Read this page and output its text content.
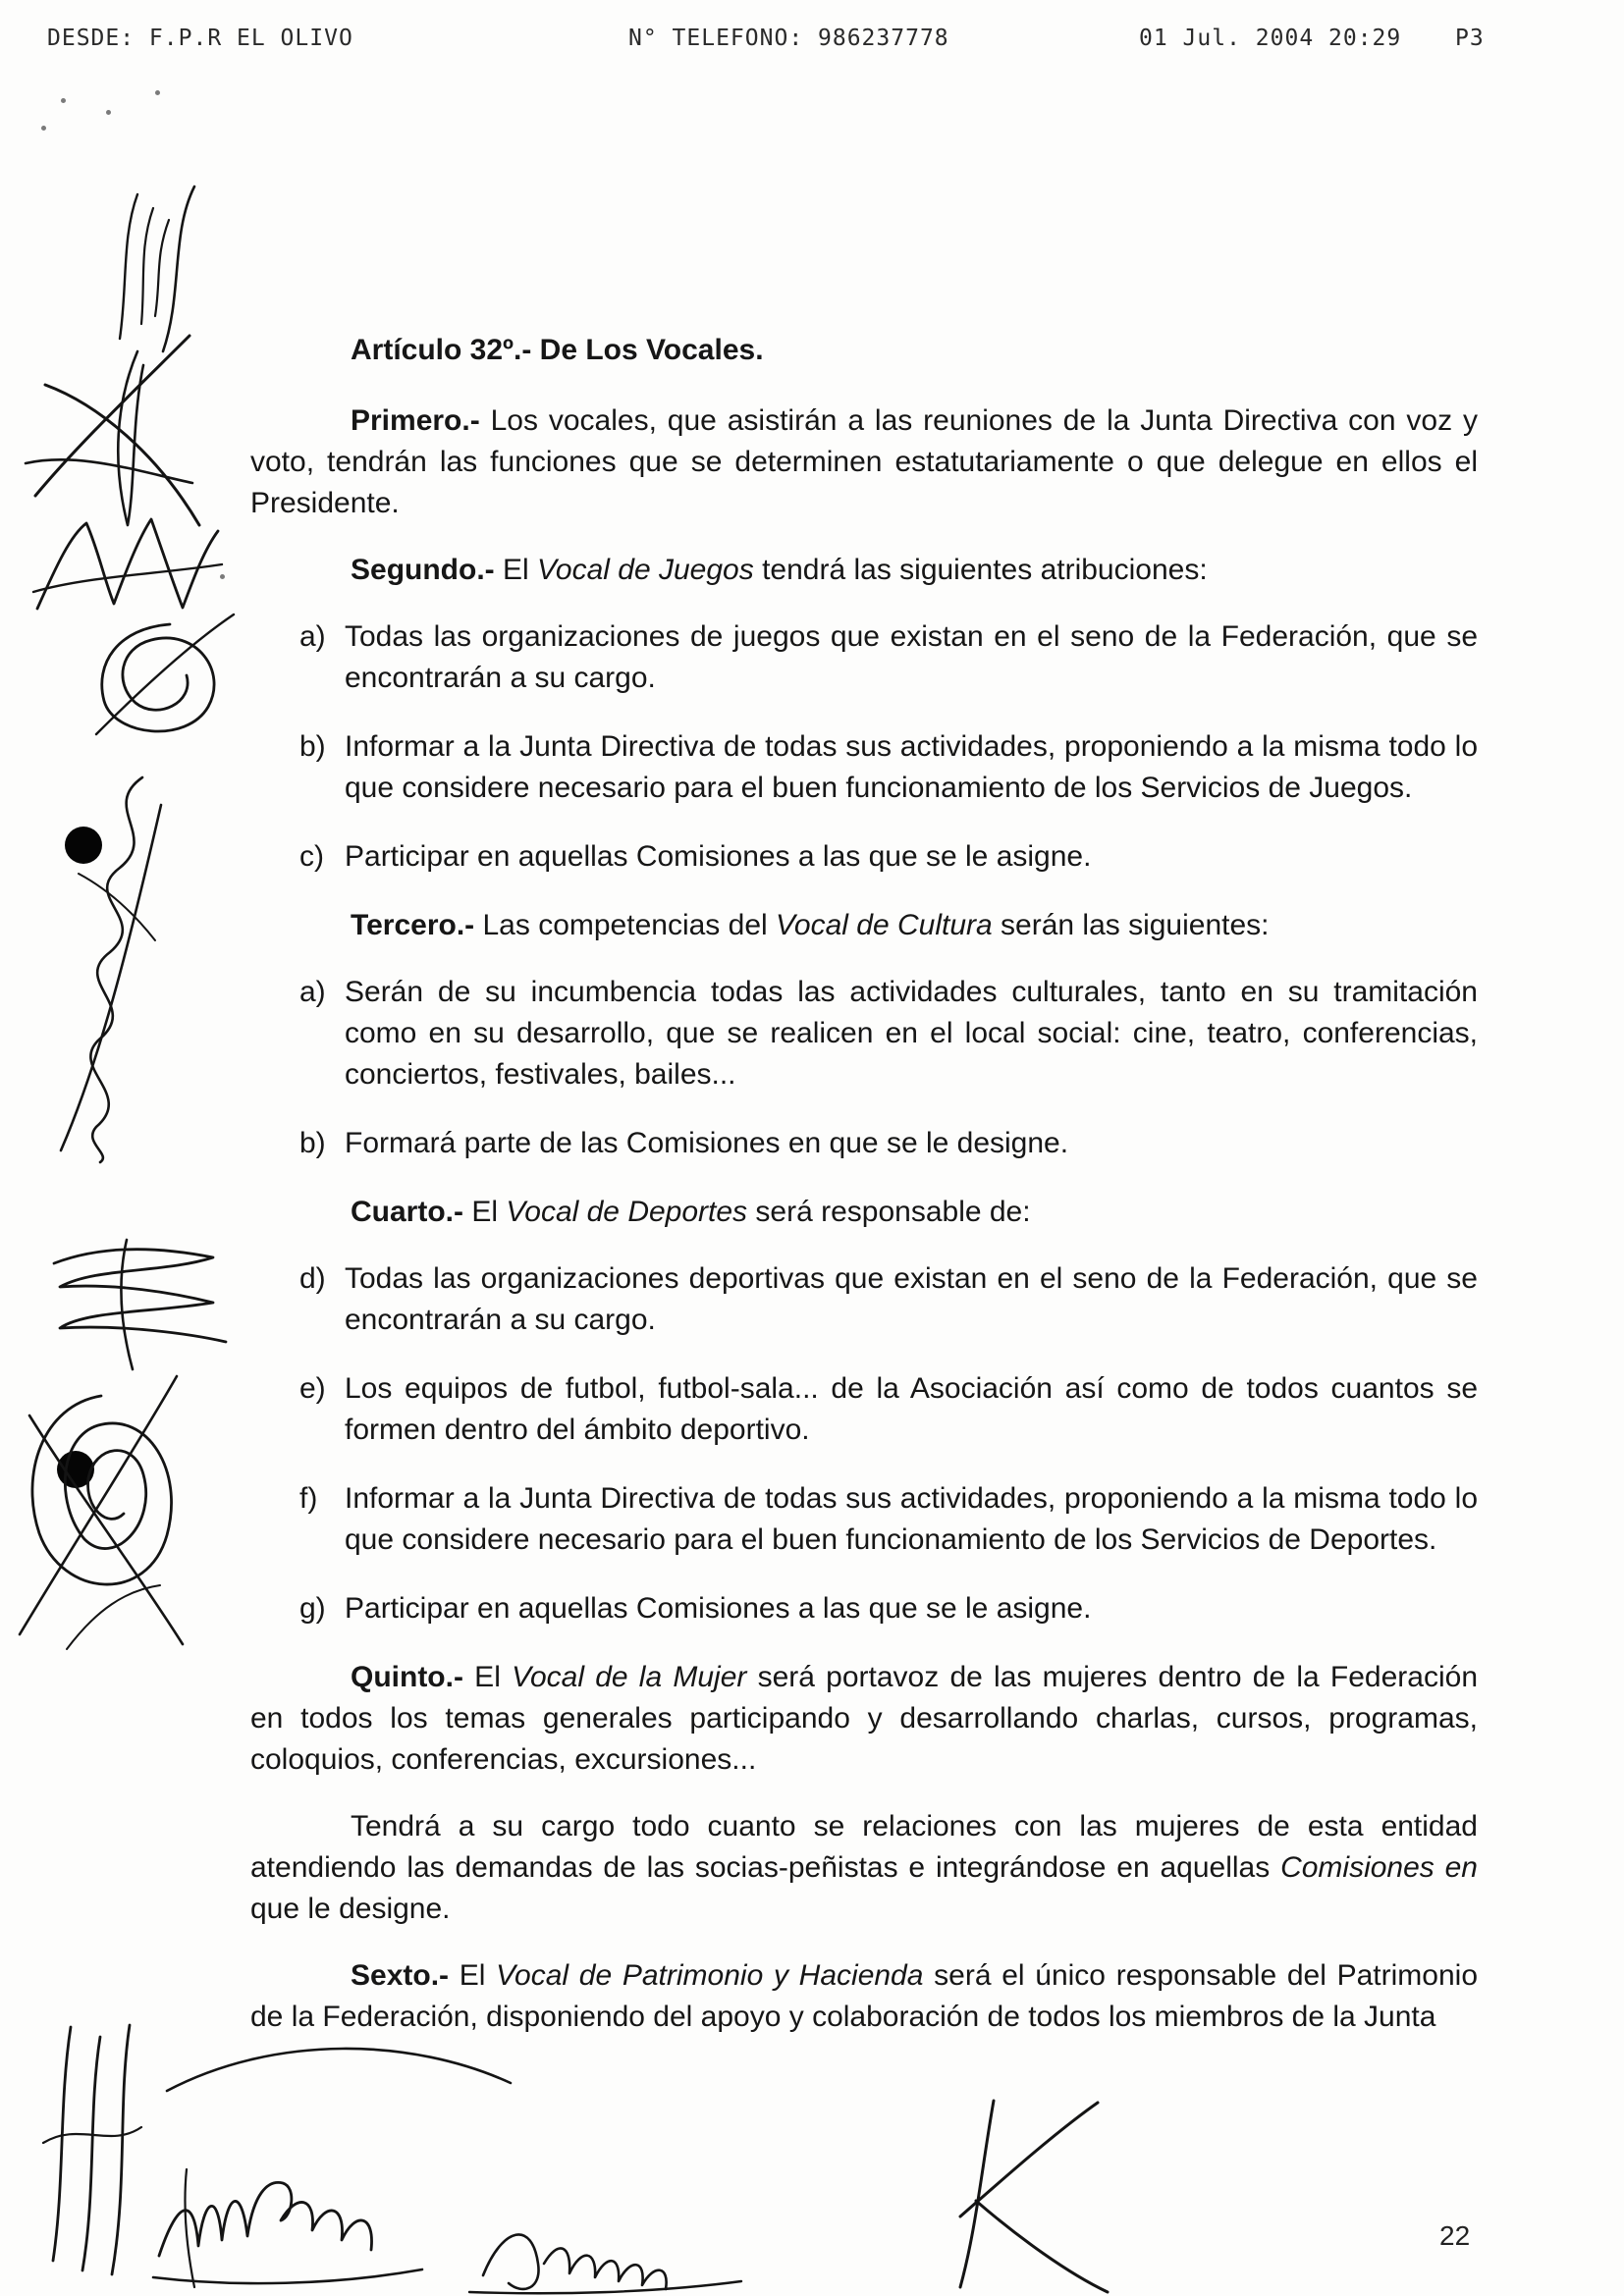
DESDE: F.P.R EL OLIVO	N° TELEFONO: 986237778	01 Jul. 2004 20:29 P3

Artículo 32º.- De Los Vocales.

Primero.- Los vocales, que asistirán a las reuniones de la Junta Directiva con voz y voto, tendrán las funciones que se determinen estatutariamente o que delegue en ellos el Presidente.

Segundo.- El Vocal de Juegos tendrá las siguientes atribuciones:

a) Todas las organizaciones de juegos que existan en el seno de la Federación, que se encontrarán a su cargo.
b) Informar a la Junta Directiva de todas sus actividades, proponiendo a la misma todo lo que considere necesario para el buen funcionamiento de los Servicios de Juegos.
c) Participar en aquellas Comisiones a las que se le asigne.

Tercero.- Las competencias del Vocal de Cultura serán las siguientes:

a) Serán de su incumbencia todas las actividades culturales, tanto en su tramitación como en su desarrollo, que se realicen en el local social: cine, teatro, conferencias, conciertos, festivales, bailes...
b) Formará parte de las Comisiones en que se le designe.

Cuarto.- El Vocal de Deportes será responsable de:

d) Todas las organizaciones deportivas que existan en el seno de la Federación, que se encontrarán a su cargo.
e) Los equipos de futbol, futbol-sala... de la Asociación así como de todos cuantos se formen dentro del ámbito deportivo.
f) Informar a la Junta Directiva de todas sus actividades, proponiendo a la misma todo lo que considere necesario para el buen funcionamiento de los Servicios de Deportes.
g) Participar en aquellas Comisiones a las que se le asigne.

Quinto.- El Vocal de la Mujer será portavoz de las mujeres dentro de la Federación en todos los temas generales participando y desarrollando charlas, cursos, programas, coloquios, conferencias, excursiones...

Tendrá a su cargo todo cuanto se relaciones con las mujeres de esta entidad atendiendo las demandas de las socias-peñistas e integrándose en aquellas Comisiones en que le designe.

Sexto.- El Vocal de Patrimonio y Hacienda será el único responsable del Patrimonio de la Federación, disponiendo del apoyo y colaboración de todos los miembros de la Junta

22
